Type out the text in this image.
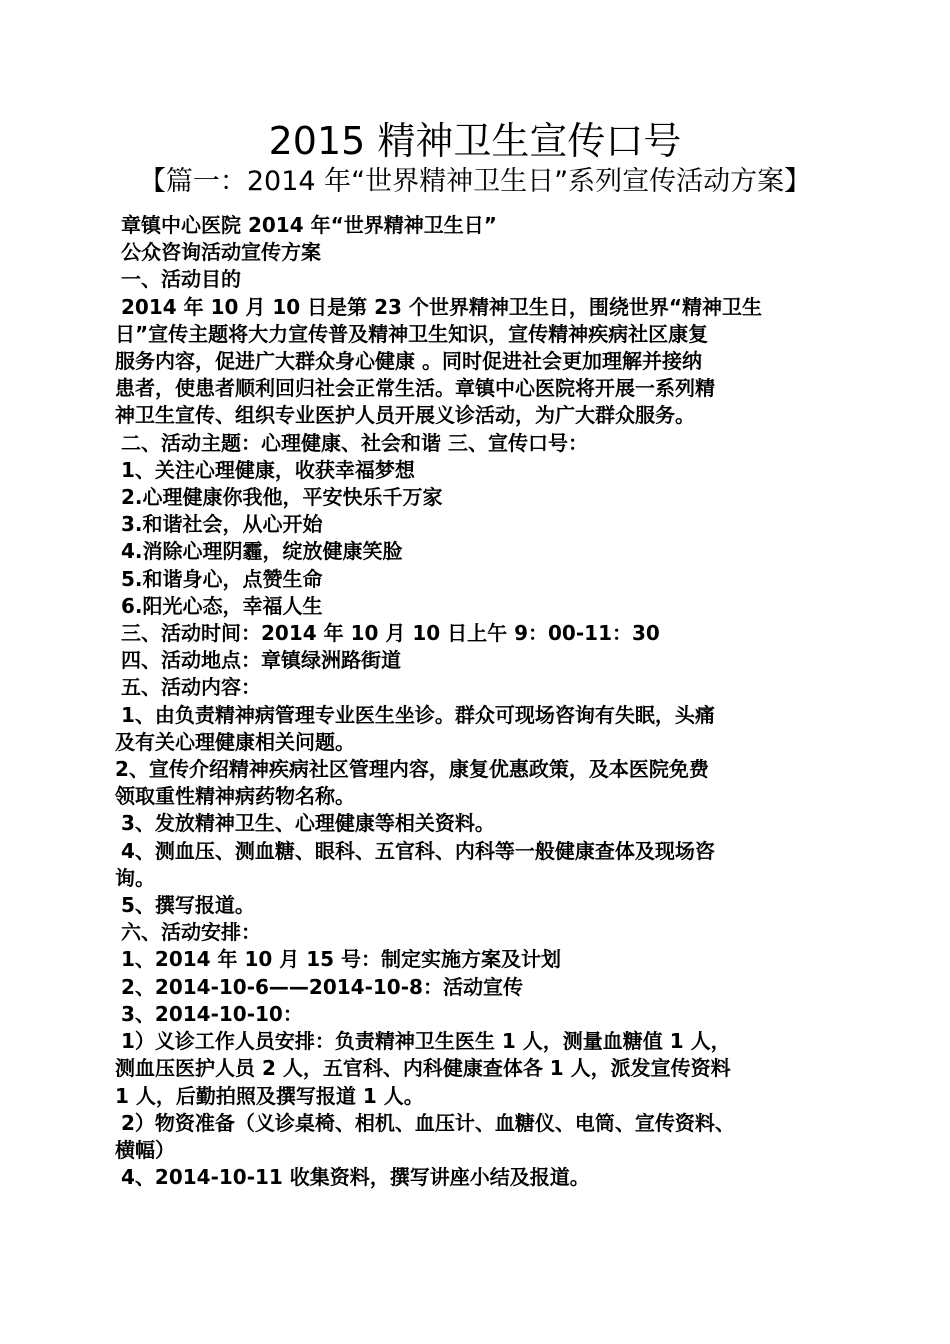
2015 精神卫生宣传口号
【篇一：2014 年“世界精神卫生日”系列宣传活动方案】
章镇中心医院 2014 年“世界精神卫生日”
公众咨询活动宣传方案
一、活动目的
2014 年 10 月 10 日是第 23 个世界精神卫生日，围绕世界“精神卫生
日”宣传主题将大力宣传普及精神卫生知识，宣传精神疾病社区康复
服务内容，促进广大群众身心健康 。同时促进社会更加理解并接纳
患者，使患者顺利回归社会正常生活。章镇中心医院将开展一系列精
神卫生宣传、组织专业医护人员开展义诊活动，为广大群众服务。
二、活动主题：心理健康、社会和谐 三、宣传口号：
1、关注心理健康，收获幸福梦想
2.心理健康你我他，平安快乐千万家
3.和谐社会，从心开始
4.消除心理阴霾，绽放健康笑脸
5.和谐身心，点赞生命
6.阳光心态，幸福人生
三、活动时间：2014 年 10 月 10 日上午 9：00-11：30
四、活动地点：章镇绿洲路街道
五、活动内容：
1、由负责精神病管理专业医生坐诊。群众可现场咨询有失眠，头痛
及有关心理健康相关问题。
2、宣传介绍精神疾病社区管理内容，康复优惠政策，及本医院免费
领取重性精神病药物名称。
3、发放精神卫生、心理健康等相关资料。
4、测血压、测血糖、眼科、五官科、内科等一般健康查体及现场咨
询。
5、撰写报道。
六、活动安排：
1、2014 年 10 月 15 号：制定实施方案及计划
2、2014-10-6——2014-10-8：活动宣传
3、2014-10-10：
1）义诊工作人员安排：负责精神卫生医生 1 人，测量血糖值 1 人，
测血压医护人员 2 人，五官科、内科健康查体各 1 人，派发宣传资料
1 人，后勤拍照及撰写报道 1 人。
2）物资准备（义诊桌椅、相机、血压计、血糖仪、电筒、宣传资料、
横幅）
4、2014-10-11 收集资料，撰写讲座小结及报道。
